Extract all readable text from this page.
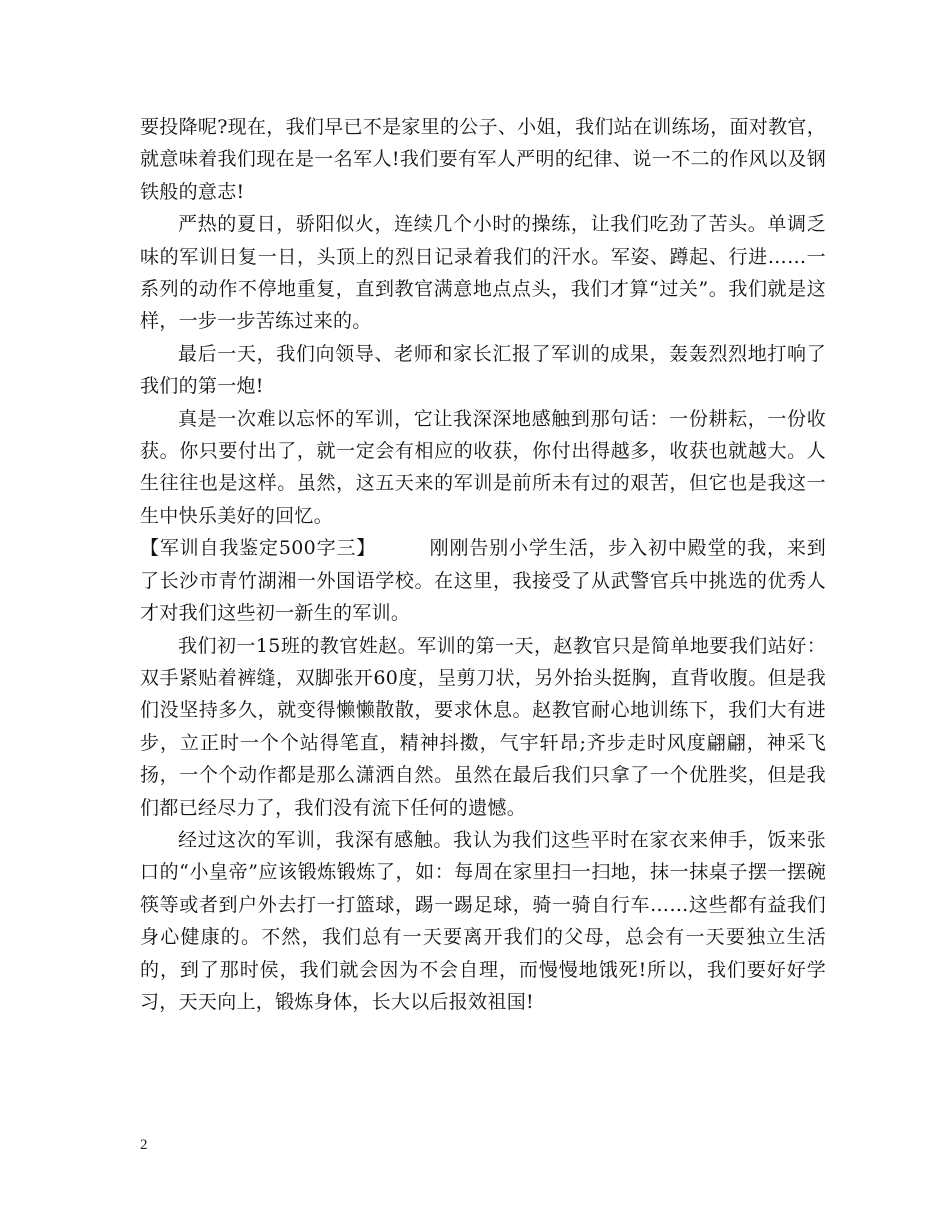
要投降呢?现在，我们早已不是家里的公子、小姐，我们站在训练场，面对教官，就意味着我们现在是一名军人!我们要有军人严明的纪律、说一不二的作风以及钢铁般的意志!

严热的夏日，骄阳似火，连续几个小时的操练，让我们吃劲了苦头。单调乏味的军训日复一日，头顶上的烈日记录着我们的汗水。军姿、蹲起、行进……一系列的动作不停地重复，直到教官满意地点点头，我们才算“过关”。我们就是这样，一步一步苦练过来的。

最后一天，我们向领导、老师和家长汇报了军训的成果，轰轰烈烈地打响了我们的第一炮!

真是一次难以忘怀的军训，它让我深深地感触到那句话：一份耕耘，一份收获。你只要付出了，就一定会有相应的收获，你付出得越多，收获也就越大。人生往往也是这样。虽然，这五天来的军训是前所未有过的艰苦，但它也是我这一生中快乐美好的回忆。

【军训自我鉴定500字三】	刚刚告别小学生活，步入初中殿堂的我，来到了长沙市青竹湖湘一外国语学校。在这里，我接受了从武警官兵中挑选的优秀人才对我们这些初一新生的军训。

我们初一15班的教官姓赵。军训的第一天，赵教官只是简单地要我们站好：双手紧贴着裤缝，双脚张开60度，呈剪刀状，另外抬头挺胸，直背收腹。但是我们没坚持多久，就变得懒懒散散，要求休息。赵教官耐心地训练下，我们大有进步，立正时一个个站得笔直，精神抖擞，气宇轩昂;齐步走时风度翩翩，神采飞扬，一个个动作都是那么潇洒自然。虽然在最后我们只拿了一个优胜奖，但是我们都已经尽力了，我们没有流下任何的遗憾。

经过这次的军训，我深有感触。我认为我们这些平时在家衣来伸手，饭来张口的“小皇帝”应该锻炼锻炼了，如：每周在家里扫一扫地，抹一抹桌子摆一摆碗筷等或者到户外去打一打篮球，踢一踢足球，骑一骑自行车……这些都有益我们身心健康的。不然，我们总有一天要离开我们的父母，总会有一天要独立生活的，到了那时侯，我们就会因为不会自理，而慢慢地饿死!所以，我们要好好学习，天天向上，锻炼身体，长大以后报效祖国!

2
